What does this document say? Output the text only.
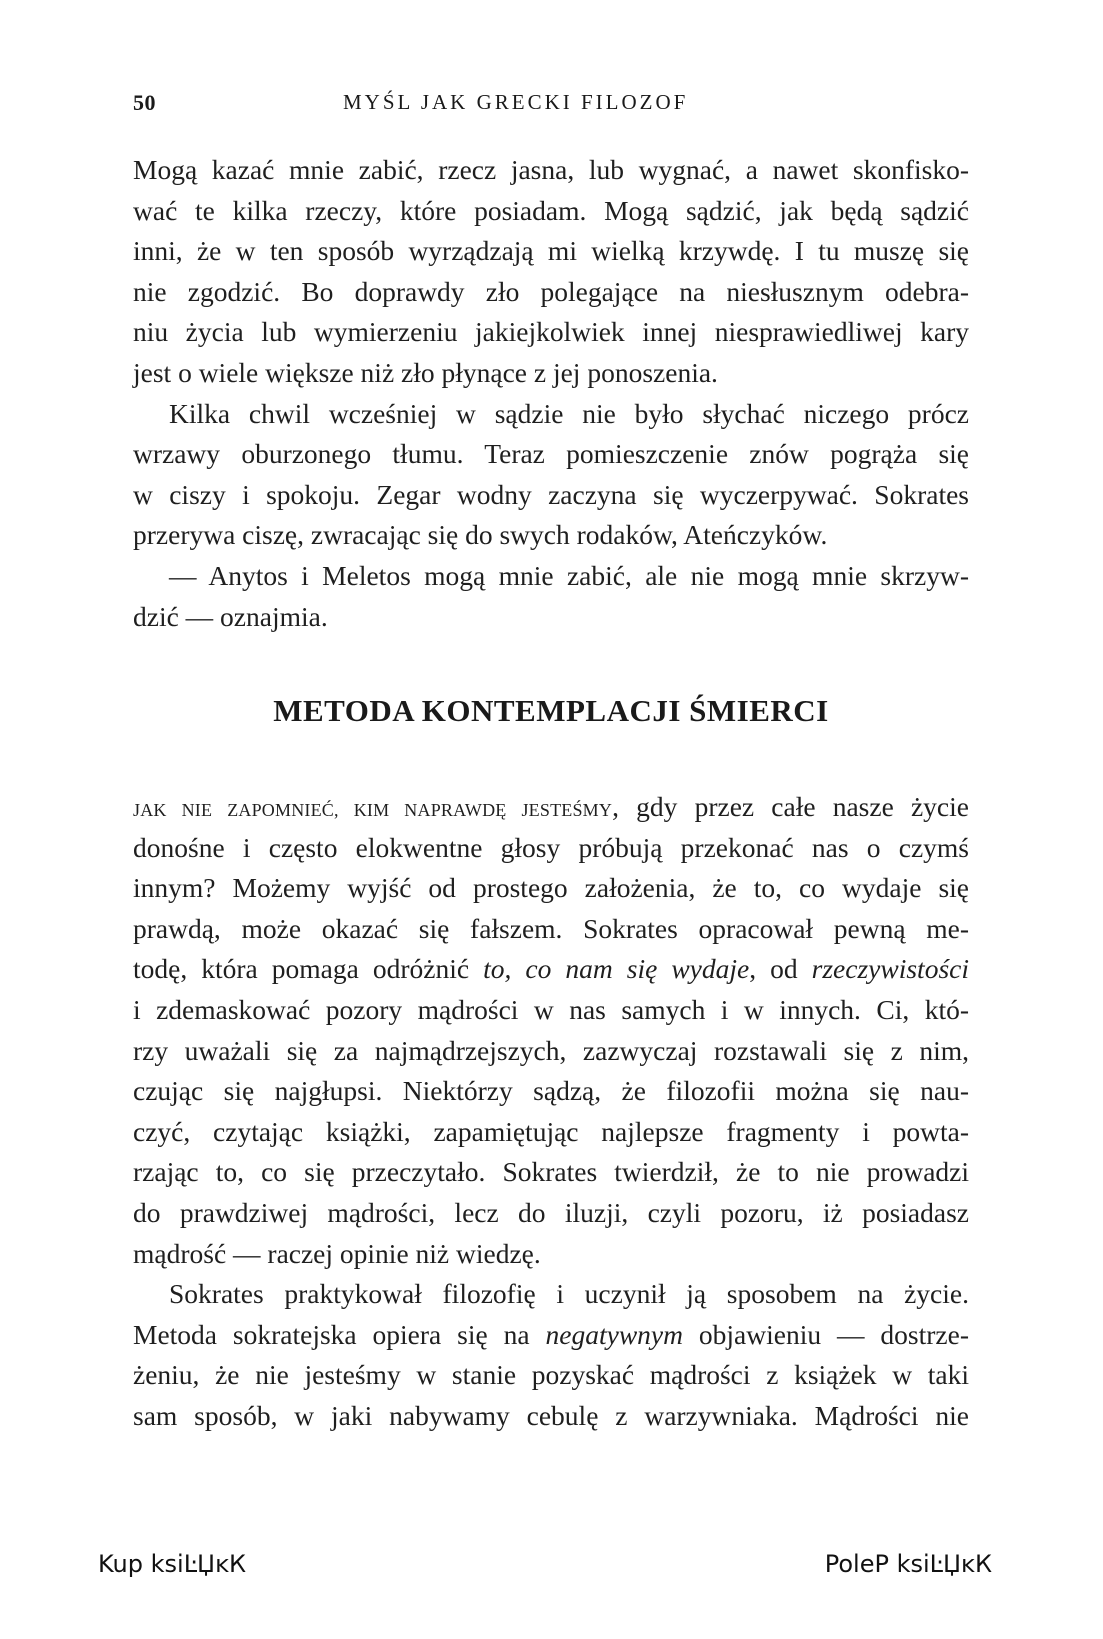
50	MYŚL JAK GRECKI FILOZOF
Mogą kazać mnie zabić, rzecz jasna, lub wygnać, a nawet skonfisko-
wać te kilka rzeczy, które posiadam. Mogą sądzić, jak będą sądzić
inni, że w ten sposób wyrządzają mi wielką krzywdę. I tu muszę się
nie zgodzić. Bo doprawdy zło polegające na niesłusznym odebra-
niu życia lub wymierzeniu jakiejkolwiek innej niesprawiedliwej kary
jest o wiele większe niż zło płynące z jej ponoszenia.
Kilka chwil wcześniej w sądzie nie było słychać niczego prócz
wrzawy oburzonego tłumu. Teraz pomieszczenie znów pogrąża się
w ciszy i spokoju. Zegar wodny zaczyna się wyczerpywać. Sokrates
przerywa ciszę, zwracając się do swych rodaków, Ateńczyków.
— Anytos i Meletos mogą mnie zabić, ale nie mogą mnie skrzyw-
dzić — oznajmia.
METODA KONTEMPLACJI ŚMIERCI
JAK NIE ZAPOMNIEĆ, KIM NAPRAWDĘ JESTEŚMY, gdy przez całe nasze życie
donośne i często elokwentne głosy próbują przekonać nas o czymś
innym? Możemy wyjść od prostego założenia, że to, co wydaje się
prawdą, może okazać się fałszem. Sokrates opracował pewną me-
todę, która pomaga odróżnić to, co nam się wydaje, od rzeczywistości
i zdemaskować pozory mądrości w nas samych i w innych. Ci, któ-
rzy uważali się za najmądrzejszych, zazwyczaj rozstawali się z nim,
czując się najgłupsi. Niektórzy sądzą, że filozofii można się nau-
czyć, czytając książki, zapamiętując najlepsze fragmenty i powta-
rzając to, co się przeczytało. Sokrates twierdził, że to nie prowadzi
do prawdziwej mądrości, lecz do iluzji, czyli pozoru, iż posiadasz
mądrość — raczej opinie niż wiedzę.
Sokrates praktykował filozofię i uczynił ją sposobem na życie.
Metoda sokratejska opiera się na negatywnym objawieniu — dostrze-
żeniu, że nie jesteśmy w stanie pozyskać mądrości z książek w taki
sam sposób, w jaki nabywamy cebulę z warzywniaka. Mądrości nie
Kup ksiĿЏĸК	PoleP ksiĿЏĸК
